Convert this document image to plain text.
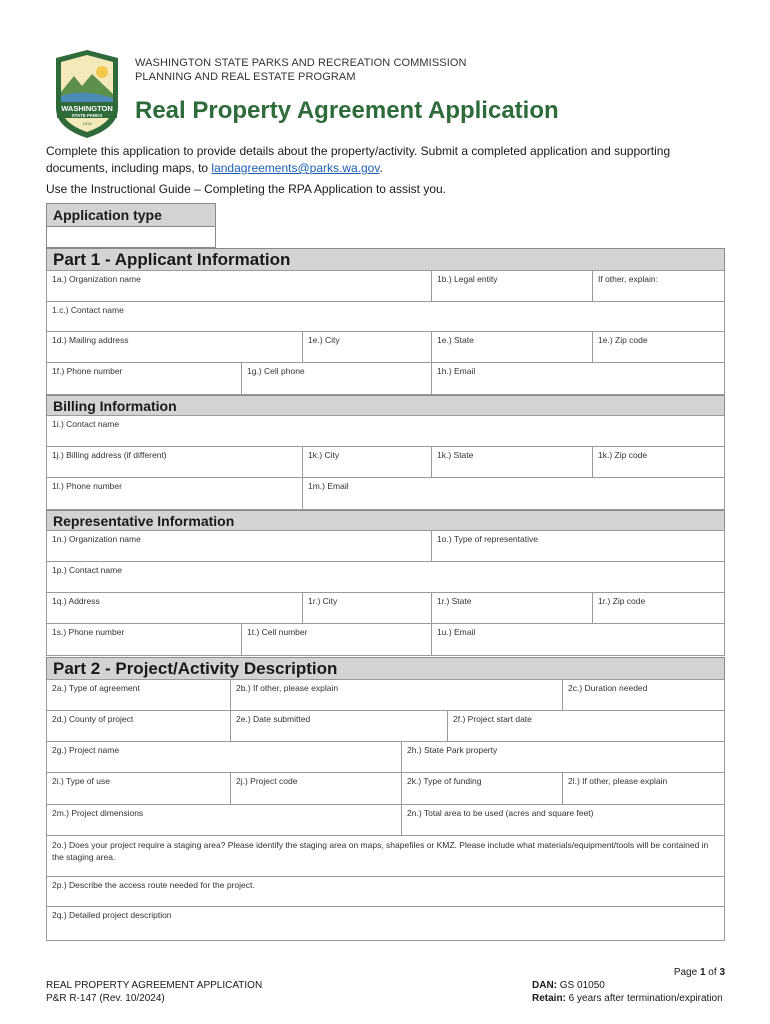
WASHINGTON
STATE PARKS
1913
WASHINGTON STATE PARKS AND RECREATION COMMISSION
PLANNING AND REAL ESTATE PROGRAM
Real Property Agreement Application
Complete this application to provide details about the property/activity. Submit a completed application and supporting documents, including maps, to landagreements@parks.wa.gov.
Use the Instructional Guide – Completing the RPA Application to assist you.
Application type
Part 1 - Applicant Information
1a.) Organization name	1b.) Legal entity	If other, explain:
1.c.) Contact name
1d.) Mailing address	1e.) City	1e.) State	1e.) Zip code
1f.) Phone number	1g.) Cell phone	1h.) Email
Billing Information
1i.) Contact name
1j.) Billing address (if different)	1k.) City	1k.) State	1k.) Zip code
1l.) Phone number	1m.) Email
Representative Information
1n.) Organization name	1o.) Type of representative
1p.) Contact name
1q.) Address	1r.) City	1r.) State	1r.) Zip code
1s.) Phone number	1t.) Cell number	1u.) Email
Part 2 - Project/Activity Description
2a.) Type of agreement	2b.) If other, please explain	2c.) Duration needed
2d.) County of project	2e.) Date submitted	2f.) Project start date
2g.) Project name	2h.) State Park property
2i.) Type of use	2j.) Project code	2k.) Type of funding	2l.) If other, please explain
2m.) Project dimensions	2n.) Total area to be used (acres and square feet)
2o.) Does your project require a staging area? Please identify the staging area on maps, shapefiles or KMZ. Please include what materials/equipment/tools will be contained in the staging area.
2p.) Describe the access route needed for the project.
2q.) Detailed project description
REAL PROPERTY AGREEMENT APPLICATION
P&R R-147 (Rev. 10/2024)
Page 1 of 3
DAN: GS 01050
Retain: 6 years after termination/expiration
